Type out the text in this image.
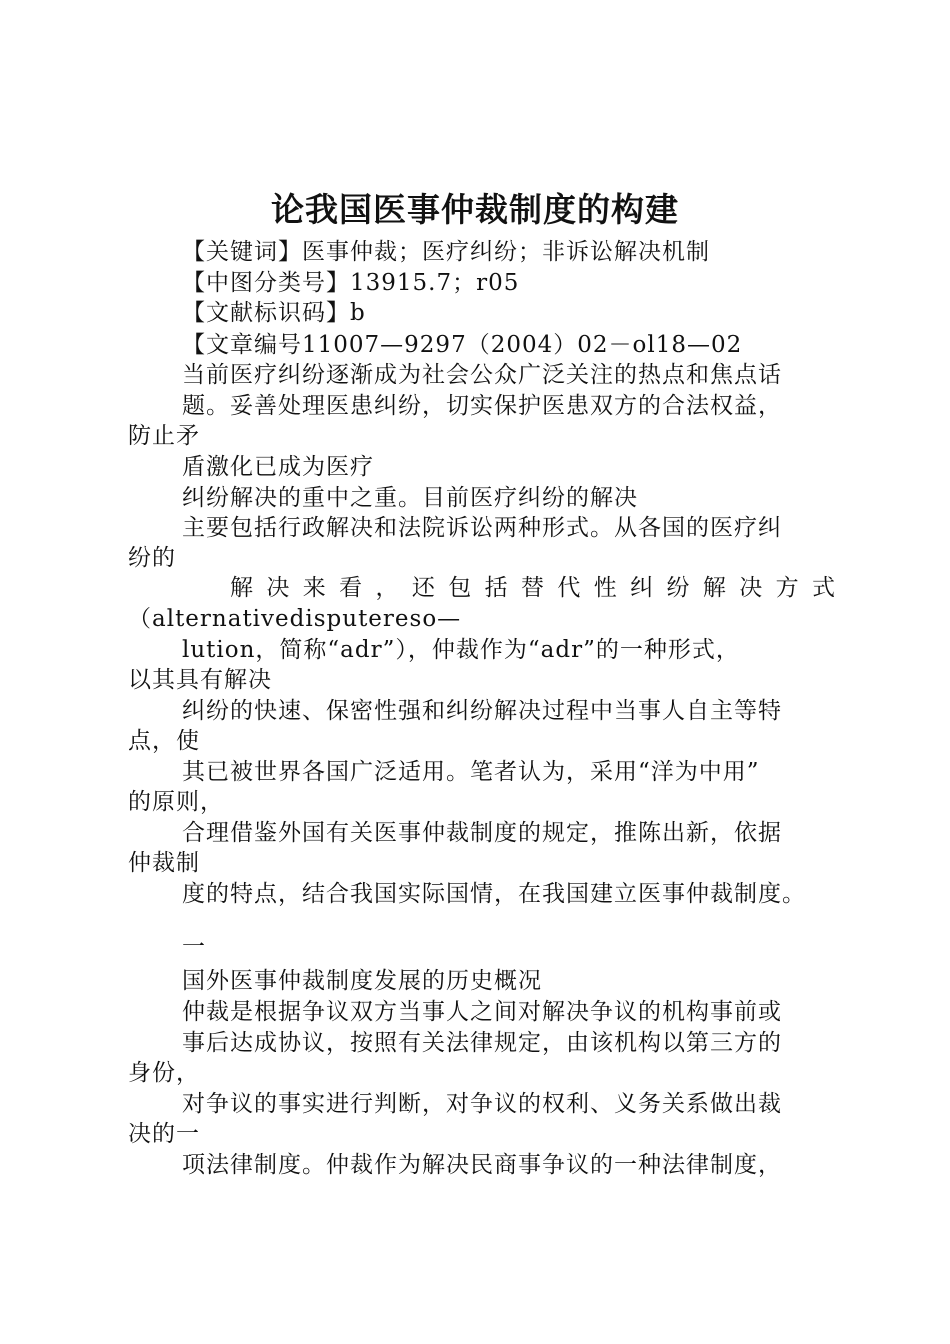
论我国医事仲裁制度的构建

【关键词】医事仲裁；医疗纠纷；非诉讼解决机制

【中图分类号】13915.7；r05

【文献标识码】b

【文章编号11007—9297（2004）02－ol18—02

当前医疗纠纷逐渐成为社会公众广泛关注的热点和焦点话

题。妥善处理医患纠纷，切实保护医患双方的合法权益，

防止矛

盾激化已成为医疗

纠纷解决的重中之重。目前医疗纠纷的解决

主要包括行政解决和法院诉讼两种形式。从各国的医疗纠

纷的

解决来看，还包括替代性纠纷解决方式

（alternativedisputereso—

lution，简称“adr”），仲裁作为“adr”的一种形式，

以其具有解决

纠纷的快速、保密性强和纠纷解决过程中当事人自主等特

点，使

其已被世界各国广泛适用。笔者认为，采用“洋为中用”

的原则，

合理借鉴外国有关医事仲裁制度的规定，推陈出新，依据

仲裁制

度的特点，结合我国实际国情，在我国建立医事仲裁制度。

一

国外医事仲裁制度发展的历史概况

仲裁是根据争议双方当事人之间对解决争议的机构事前或

事后达成协议，按照有关法律规定，由该机构以第三方的

身份，

对争议的事实进行判断，对争议的权利、义务关系做出裁

决的一

项法律制度。仲裁作为解决民商事争议的一种法律制度，
